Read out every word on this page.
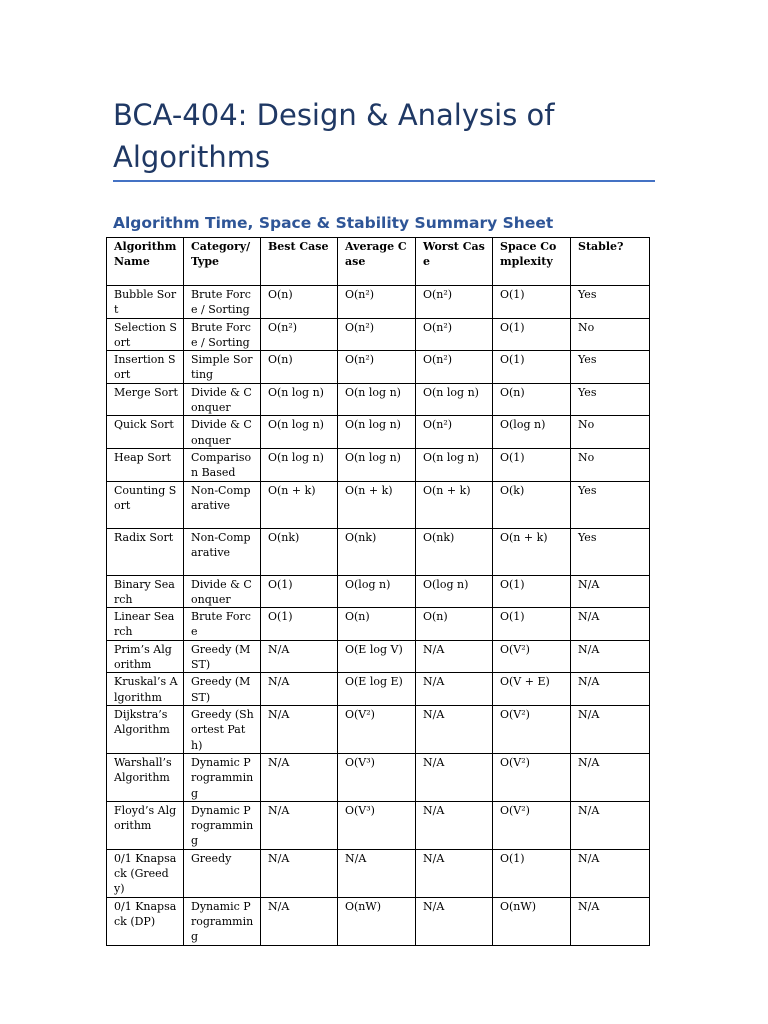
BCA-404: Design & Analysis of Algorithms
Algorithm Time, Space & Stability Summary Sheet
Algorithm Name	Category/ Type	Best Case	Average Case	Worst Case	Space Complexity	Stable?
Bubble Sort	Brute Force / Sorting	O(n)	O(n²)	O(n²)	O(1)	Yes
Selection Sort	Brute Force / Sorting	O(n²)	O(n²)	O(n²)	O(1)	No
Insertion Sort	Simple Sorting	O(n)	O(n²)	O(n²)	O(1)	Yes
Merge Sort	Divide & Conquer	O(n log n)	O(n log n)	O(n log n)	O(n)	Yes
Quick Sort	Divide & Conquer	O(n log n)	O(n log n)	O(n²)	O(log n)	No
Heap Sort	Comparison Based	O(n log n)	O(n log n)	O(n log n)	O(1)	No
Counting Sort	Non-Comparative	O(n + k)	O(n + k)	O(n + k)	O(k)	Yes
Radix Sort	Non-Comparative	O(nk)	O(nk)	O(nk)	O(n + k)	Yes
Binary Search	Divide & Conquer	O(1)	O(log n)	O(log n)	O(1)	N/A
Linear Search	Brute Force	O(1)	O(n)	O(n)	O(1)	N/A
Prim’s Algorithm	Greedy (MST)	N/A	O(E log V)	N/A	O(V²)	N/A
Kruskal’s Algorithm	Greedy (MST)	N/A	O(E log E)	N/A	O(V + E)	N/A
Dijkstra’s Algorithm	Greedy (Shortest Path)	N/A	O(V²)	N/A	O(V²)	N/A
Warshall’s Algorithm	Dynamic Programming	N/A	O(V³)	N/A	O(V²)	N/A
Floyd’s Algorithm	Dynamic Programming	N/A	O(V³)	N/A	O(V²)	N/A
0/1 Knapsack (Greedy)	Greedy	N/A	N/A	N/A	O(1)	N/A
0/1 Knapsack (DP)	Dynamic Programming	N/A	O(nW)	N/A	O(nW)	N/A
